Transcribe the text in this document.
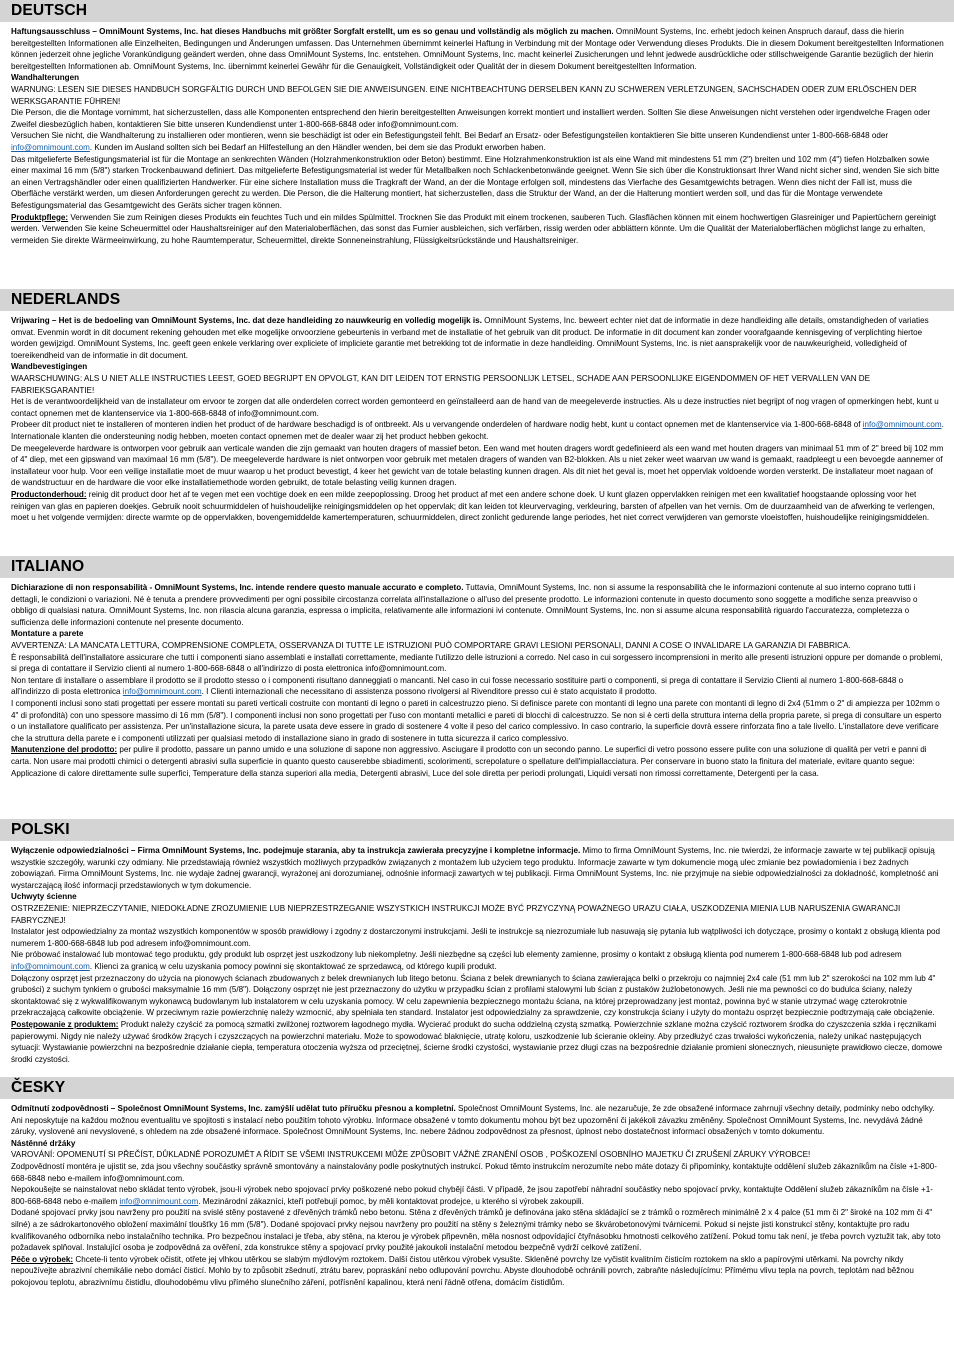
DEUTSCH

Haftungsausschluss – OmniMount Systems, Inc. hat dieses Handbuchs mit größter Sorgfalt erstellt, um es so genau und vollständig als möglich zu machen. OmniMount Systems, Inc. erhebt jedoch keinen Anspruch darauf, dass die hierin bereitgestellten Informationen alle Einzelheiten, Bedingungen und Änderungen umfassen. Das Unternehmen übernimmt keinerlei Haftung in Verbindung mit der Montage oder Verwendung dieses Produkts. Die in diesem Dokument bereitgestellten Informationen können jederzeit ohne jegliche Vorankündigung geändert werden, ohne dass OmniMount Systems, Inc. entstehen. OmniMount Systems, Inc. macht keinerlei Zusicherungen und lehnt jedwede ausdrückliche oder stillschweigende Garantie bezüglich der hierin bereitgestellten Informationen ab. OmniMount Systems, Inc. übernimmt keinerlei Gewähr für die Genauigkeit, Vollständigkeit oder Qualität der in diesem Dokument bereitgestellten Information.

Wandhalterungen

WARNUNG: LESEN SIE DIESES HANDBUCH SORGFÄLTIG DURCH UND BEFOLGEN SIE DIE ANWEISUNGEN. EINE NICHTBEACHTUNG DERSELBEN KANN ZU SCHWEREN VERLETZUNGEN, SACHSCHADEN ODER ZUM ERLÖSCHEN DER WERKSGARANTIE FÜHREN!

Die Person, die die Montage vornimmt, hat sicherzustellen, dass alle Komponenten entsprechend den hierin bereitgestellten Anweisungen korrekt montiert und installiert werden. Sollten Sie diese Anweisungen nicht verstehen oder irgendwelche Fragen oder Zweifel diesbezüglich haben, kontaktieren Sie bitte unseren Kundendienst unter 1-800-668-6848 oder info@omnimount.com.

Versuchen Sie nicht, die Wandhalterung zu installieren oder montieren, wenn sie beschädigt ist oder ein Befestigungsteil fehlt. Bei Bedarf an Ersatz- oder Befestigungsteilen kontaktieren Sie bitte unseren Kundendienst unter 1-800-668-6848 oder info@omnimount.com. Kunden im Ausland sollten sich bei Bedarf an Hilfestellung an den Händler wenden, bei dem sie das Produkt erworben haben.

Das mitgelieferte Befestigungsmaterial ist für die Montage an senkrechten Wänden (Holzrahmenkonstruktion oder Beton) bestimmt. Eine Holzrahmenkonstruktion ist als eine Wand mit mindestens 51 mm (2") breiten und 102 mm (4") tiefen Holzbalken sowie einer maximal 16 mm (5/8") starken Trockenbauwand definiert. Das mitgelieferte Befestigungsmaterial ist weder für Metallbalken noch Schlackenbetonwände geeignet. Wenn Sie sich über die Konstruktionsart Ihrer Wand nicht sicher sind, wenden Sie sich bitte an einen Vertragshändler oder einen qualifizierten Handwerker. Für eine sichere Installation muss die Tragkraft der Wand, an der die Montage erfolgen soll, mindestens das Vierfache des Gesamtgewichts betragen. Wenn dies nicht der Fall ist, muss die Oberfläche verstärkt werden, um diesen Anforderungen gerecht zu werden. Die Person, die die Halterung montiert, hat sicherzustellen, dass die Struktur der Wand, an der die Halterung montiert werden soll, und das für die Montage verwendete Befestigungsmaterial das Gesamtgewicht des Geräts sicher tragen können.

Produktpflege: Verwenden Sie zum Reinigen dieses Produkts ein feuchtes Tuch und ein mildes Spülmittel. Trocknen Sie das Produkt mit einem trockenen, sauberen Tuch. Glasflächen können mit einem hochwertigen Glasreiniger und Papiertüchern gereinigt werden. Verwenden Sie keine Scheuermittel oder Haushaltsreiniger auf den Materialoberflächen, das sonst das Furnier ausbleichen, sich verfärben, rissig werden oder abblättern könnte. Um die Qualität der Materialoberflächen möglichst lange zu erhalten, vermeiden Sie direkte Wärmeeinwirkung, zu hohe Raumtemperatur, Scheuermittel, direkte Sonneneinstrahlung, Flüssigkeitsrückstände und Haushaltsreiniger.

NEDERLANDS

Vrijwaring – Het is de bedoeling van OmniMount Systems, Inc. dat deze handleiding zo nauwkeurig en volledig mogelijk is. OmniMount Systems, Inc. beweert echter niet dat de informatie in deze handleiding alle details, omstandigheden of variaties omvat. Evenmin wordt in dit document rekening gehouden met elke mogelijke onvoorziene gebeurtenis in verband met de installatie of het gebruik van dit product. De informatie in dit document kan zonder voorafgaande kennisgeving of verplichting hiertoe worden gewijzigd. OmniMount Systems, Inc. geeft geen enkele verklaring over expliciete of impliciete garantie met betrekking tot de informatie in deze handleiding. OmniMount Systems, Inc. is niet aansprakelijk voor de nauwkeurigheid, volledigheid of toereikendheid van de informatie in dit document.

Wandbevestigingen

WAARSCHUWING: ALS U NIET ALLE INSTRUCTIES LEEST, GOED BEGRIJPT EN OPVOLGT, KAN DIT LEIDEN TOT ERNSTIG PERSOONLIJK LETSEL, SCHADE AAN PERSOONLIJKE EIGENDOMMEN OF HET VERVALLEN VAN DE FABRIEKSGARANTIE!

Het is de verantwoordelijkheid van de installateur om ervoor te zorgen dat alle onderdelen correct worden gemonteerd en geïnstalleerd aan de hand van de meegeleverde instructies. Als u deze instructies niet begrijpt of nog vragen of opmerkingen hebt, kunt u contact opnemen met de klantenservice via 1-800-668-6848 of info@omnimount.com.

Probeer dit product niet te installeren of monteren indien het product of de hardware beschadigd is of ontbreekt. Als u vervangende onderdelen of hardware nodig hebt, kunt u contact opnemen met de klantenservice via 1-800-668-6848 of info@omnimount.com. Internationale klanten die ondersteuning nodig hebben, moeten contact opnemen met de dealer waar zij het product hebben gekocht.

De meegeleverde hardware is ontworpen voor gebruik aan verticale wanden die zijn gemaakt van houten dragers of massief beton. Een wand met houten dragers wordt gedefinieerd als een wand met houten dragers van minimaal 51 mm of 2" breed bij 102 mm of 4" diep, met een gipswand van maximaal 16 mm (5/8"). De meegeleverde hardware is niet ontworpen voor gebruik met metalen dragers of wanden van B2-blokken. Als u niet zeker weet waarvan uw wand is gemaakt, raadpleegt u een bevoegde aannemer of installateur voor hulp. Voor een veilige installatie moet de muur waarop u het product bevestigt, 4 keer het gewicht van de totale belasting kunnen dragen. Als dit niet het geval is, moet het oppervlak voldoende worden versterkt. De installateur moet nagaan of de wandstructuur en de hardware die voor elke installatiemethode worden gebruikt, de totale belasting veilig kunnen dragen.

Productonderhoud: reinig dit product door het af te vegen met een vochtige doek en een milde zeepoplossing. Droog het product af met een andere schone doek. U kunt glazen oppervlakken reinigen met een kwalitatief hoogstaande oplossing voor het reinigen van glas en papieren doekjes. Gebruik nooit schuurmiddelen of huishoudelijke reinigingsmiddelen op het oppervlak; dit kan leiden tot kleurvervaging, verkleuring, barsten of afpellen van het vernis. Om de duurzaamheid van de afwerking te verlengen, moet u het volgende vermijden: directe warmte op de oppervlakken, bovengemiddelde kamertemperaturen, schuurmiddelen, direct zonlicht gedurende lange periodes, het niet correct verwijderen van gemorste vloeistoffen, huishoudelijke reinigingsmiddelen.

ITALIANO

Dichiarazione di non responsabilità - OmniMount Systems, Inc. intende rendere questo manuale accurato e completo. Tuttavia, OmniMount Systems, Inc. non si assume la responsabilità che le informazioni contenute al suo interno coprano tutti i dettagli, le condizioni o variazioni. Né è tenuta a prendere provvedimenti per ogni possibile circostanza correlata all'installazione o all'uso del presente prodotto. Le informazioni contenute in questo documento sono soggette a modifiche senza preavviso o obbligo di qualsiasi natura. OmniMount Systems, Inc. non rilascia alcuna garanzia, espressa o implicita, relativamente alle informazioni ivi contenute. OmniMount Systems, Inc. non si assume alcuna responsabilità riguardo l'accuratezza, completezza o sufficienza delle informazioni contenute nel presente documento.

Montature a parete

AVVERTENZA: LA MANCATA LETTURA, COMPRENSIONE COMPLETA, OSSERVANZA DI TUTTE LE ISTRUZIONI PUÒ COMPORTARE GRAVI LESIONI PERSONALI, DANNI A COSE O INVALIDARE LA GARANZIA DI FABBRICA.

È responsabilità dell'installatore assicurare che tutti i componenti siano assemblati e installati correttamente, mediante l'utilizzo delle istruzioni a corredo. Nel caso in cui sorgessero incomprensioni in merito alle presenti istruzioni oppure per domande o problemi, si prega di contattare il Servizio clienti al numero 1-800-668-6848 o all'indirizzo di posta elettronica info@omnimount.com.

Non tentare di installare o assemblare il prodotto se il prodotto stesso o i componenti risultano danneggiati o mancanti. Nel caso in cui fosse necessario sostituire parti o componenti, si prega di contattare il Servizio Clienti al numero 1-800-668-6848 o all'indirizzo di posta elettronica info@omnimount.com. I Clienti internazionali che necessitano di assistenza possono rivolgersi al Rivenditore presso cui è stato acquistato il prodotto.

I componenti inclusi sono stati progettati per essere montati su pareti verticali costruite con montanti di legno o pareti in calcestruzzo pieno. Si definisce parete con montanti di legno una parete con montanti di legno di 2x4 (51mm o 2" di ampiezza per 102mm o 4" di profondità) con uno spessore massimo di 16 mm (5/8"). I componenti inclusi non sono progettati per l'uso con montanti metallici e pareti di blocchi di calcestruzzo. Se non si è certi della struttura interna della propria parete, si prega di consultare un esperto o un installatore qualificato per assistenza. Per un'installazione sicura, la parete usata deve essere in grado di sostenere 4 volte il peso del carico complessivo. In caso contrario, la superficie dovrà essere rinforzata fino a tale livello. L'installatore deve verificare che la struttura della parete e i componenti utilizzati per qualsiasi metodo di installazione siano in grado di sostenere in tutta sicurezza il carico complessivo.

Manutenzione del prodotto: per pulire il prodotto, passare un panno umido e una soluzione di sapone non aggressivo. Asciugare il prodotto con un secondo panno. Le superfici di vetro possono essere pulite con una soluzione di qualità per vetri e panni di carta. Non usare mai prodotti chimici o detergenti abrasivi sulla superficie in quanto questo causerebbe sbiadimenti, scolorimenti, screpolature o spellature dell'impiallacciatura. Per conservare in buono stato la finitura del materiale, evitare quanto segue: Applicazione di calore direttamente sulle superfici, Temperature della stanza superiori alla media, Detergenti abrasivi, Luce del sole diretta per periodi prolungati, Liquidi versati non rimossi correttamente, Detergenti per la casa.

POLSKI

Wyłączenie odpowiedzialności – Firma OmniMount Systems, Inc. podejmuje starania, aby ta instrukcja zawierała precyzyjne i kompletne informacje. Mimo to firma OmniMount Systems, Inc. nie twierdzi, że informacje zawarte w tej publikacji opisują wszystkie szczegóły, warunki czy odmiany. Nie przedstawiają również wszystkich możliwych przypadków związanych z montażem lub użyciem tego produktu. Informacje zawarte w tym dokumencie mogą ulec zmianie bez powiadomienia i bez żadnych zobowiązań. Firma OmniMount Systems, Inc. nie wydaje żadnej gwarancji, wyrażonej ani dorozumianej, odnośnie informacji zawartych w tej publikacji. Firma OmniMount Systems, Inc. nie przyjmuje na siebie odpowiedzialności za dokładność, kompletność ani wystarczającą ilość informacji przedstawionych w tym dokumencie.

Uchwyty ścienne

OSTRZEŻENIE: NIEPRZECZYTANIE, NIEDOKŁADNE ZROZUMIENIE LUB NIEPRZESTRZEGANIE WSZYSTKICH INSTRUKCJI MOŻE BYĆ PRZYCZYNĄ POWAŻNEGO URAZU CIAŁA, USZKODZENIA MIENIA LUB NARUSZENIA GWARANCJI FABRYCZNEJ!

Instalator jest odpowiedzialny za montaż wszystkich komponentów w sposób prawidłowy i zgodny z dostarczonymi instrukcjami. Jeśli te instrukcje są niezrozumiałe lub nasuwają się pytania lub wątpliwości ich dotyczące, prosimy o kontakt z obsługą klienta pod numerem 1-800-668-6848 lub pod adresem info@omnimount.com.

Nie próbować instalować lub montować tego produktu, gdy produkt lub osprzęt jest uszkodzony lub niekompletny. Jeśli niezbędne są części lub elementy zamienne, prosimy o kontakt z obsługą klienta pod numerem 1-800-668-6848 lub pod adresem info@omnimount.com. Klienci za granicą w celu uzyskania pomocy powinni się skontaktować ze sprzedawcą, od którego kupili produkt.

Dołączony osprzęt jest przeznaczony do użycia na pionowych ścianach zbudowanych z belek drewnianych lub litego betonu. Ściana z belek drewnianych to ściana zawierająca belki o przekroju co najmniej 2x4 cale (51 mm lub 2" szerokości na 102 mm lub 4" grubości) z suchym tynkiem o grubości maksymalnie 16 mm (5/8"). Dołączony osprzęt nie jest przeznaczony do użytku w przypadku ścian z profilami stalowymi lub ścian z pustaków żużlobetonowych. Jeśli nie ma pewności co do budulca ściany, należy skontaktować się z wykwalifikowanym wykonawcą budowlanym lub instalatorem w celu uzyskania pomocy. W celu zapewnienia bezpiecznego montażu ściana, na której przeprowadzany jest montaż, powinna być w stanie utrzymać wagę czterokrotnie przekraczającą całkowite obciążenie. W przeciwnym razie powierzchnię należy wzmocnić, aby spełniała ten standard. Instalator jest odpowiedzialny za sprawdzenie, czy konstrukcja ściany i użyty do montażu osprzęt bezpiecznie podtrzymają całe obciążenie.

Postępowanie z produktem: Produkt należy czyścić za pomocą szmatki zwilżonej roztworem łagodnego mydła. Wycierać produkt do sucha oddzielną czystą szmatką. Powierzchnie szklane można czyścić roztworem środka do czyszczenia szkła i ręcznikami papierowymi. Nigdy nie należy używać środków żrących i czyszczących na powierzchni materiału. Może to spowodować blaknięcie, utratę koloru, uszkodzenie lub ścieranie okleiny. Aby przedłużyć czas trwałości wykończenia, należy unikać następujących sytuacji: Wystawianie powierzchni na bezpośrednie działanie ciepła, temperatura otoczenia wyższa od przeciętnej, ścierne środki czystości, wystawianie przez długi czas na bezpośrednie działanie promieni słonecznych, nieusunięte prawidłowo ciecze, domowe środki czystości.

ČESKY

Odmítnutí zodpovědnosti – Společnost OmniMount Systems, Inc. zamýšlí udělat tuto příručku přesnou a kompletní. Společnost OmniMount Systems, Inc. ale nezaručuje, že zde obsažené informace zahrnují všechny detaily, podmínky nebo odchylky. Ani neposkytuje na každou možnou eventualitu ve spojitosti s instalací nebo použitím tohoto výrobku. Informace obsažené v tomto dokumentu mohou být bez upozornění či jakékoli závazku změněny. Společnost OmniMount Systems, Inc. nevydává žádné záruky, vyslovené ani nevyslovené, s ohledem na zde obsažené informace. Společnost OmniMount Systems, Inc. nebere žádnou zodpovědnost za přesnost, úplnost nebo dostatečnost informací obsažených v tomto dokumentu.

Nástěnné držáky

VAROVÁNÍ: OPOMENUTÍ SI PŘEČÍST, DŮKLADNĚ POROZUMĚT A ŘÍDIT SE VŠEMI INSTRUKCEMI MŮŽE ZPŮSOBIT VÁŽNÉ ZRANĚNÍ OSOB , POŠKOZENÍ OSOBNÍHO MAJETKU ČI ZRUŠENÍ ZÁRUKY VÝROBCE!

Zodpovědností montéra je ujistit se, zda jsou všechny součástky správně smontovány a nainstalovány podle poskytnutých instrukcí. Pokud těmto instrukcím nerozumíte nebo máte dotazy či připomínky, kontaktujte oddělení služeb zákazníkům na čísle +1-800-668-6848 nebo e-mailem info@omnimount.com.

Nepokoušejte se nainstalovat nebo skládat tento výrobek, jsou-li výrobek nebo spojovací prvky poškozené nebo pokud chybějí části. V případě, že jsou zapotřebí náhradní součástky nebo spojovací prvky, kontaktujte Oddělení služeb zákazníkům na čísle +1-800-668-6848 nebo e-mailem info@omnimount.com. Mezinárodní zákazníci, kteří potřebují pomoc, by měli kontaktovat prodejce, u kterého si výrobek zakoupili.

Dodané spojovací prvky jsou navrženy pro použití na svislé stěny postavené z dřevěných trámků nebo betonu. Stěna z dřevěných trámků je definována jako stěna skládající se z trámků o rozměrech minimálně 2 x 4 palce (51 mm či 2" široké na 102 mm či 4" silné) a ze sádrokartonového obložení maximální tloušťky 16 mm (5/8"). Dodané spojovací prvky nejsou navrženy pro použití na stěny s železnými trámky nebo se škvárobetonovými tvárnicemi. Pokud si nejste jisti konstrukcí stěny, kontaktujte pro radu kvalifikovaného odborníka nebo instalačního technika. Pro bezpečnou instalaci je třeba, aby stěna, na kterou je výrobek připevněn, měla nosnost odpovídající čtyřnásobku hmotnosti celkového zatížení. Pokud tomu tak není, je třeba povrch vyztužit tak, aby toto požadavek splňoval. Instalující osoba je zodpovědná za ověření, zda konstrukce stěny a spojovací prvky použité jakoukoli instalační metodou bezpečně vydrží celkové zatížení.

Péče o výrobek: Chcete-li tento výrobek očistit, otřete jej vlhkou utěrkou se slabým mýdlovým roztokem. Další čistou utěrkou výrobek vysušte. Skleněné povrchy lze vyčistit kvalitním čisticím roztokem na sklo a papírovými utěrkami. Na povrchy nikdy nepoužívejte abrazivní chemikálie nebo domácí čisticí. Mohlo by to způsobit zšednutí, ztrátu barev, popraskání nebo odlupování povrchu. Abyste dlouhodobě ochránili povrch, zabraňte následujícímu: Přímému vlivu tepla na povrch, teplotám nad běžnou pokojovou teplotu, abrazivnímu čistidlu, dlouhodobému vlivu přímého slunečního záření, potřísnění kapalinou, která není řádně otřena, domácím čistidlům.
